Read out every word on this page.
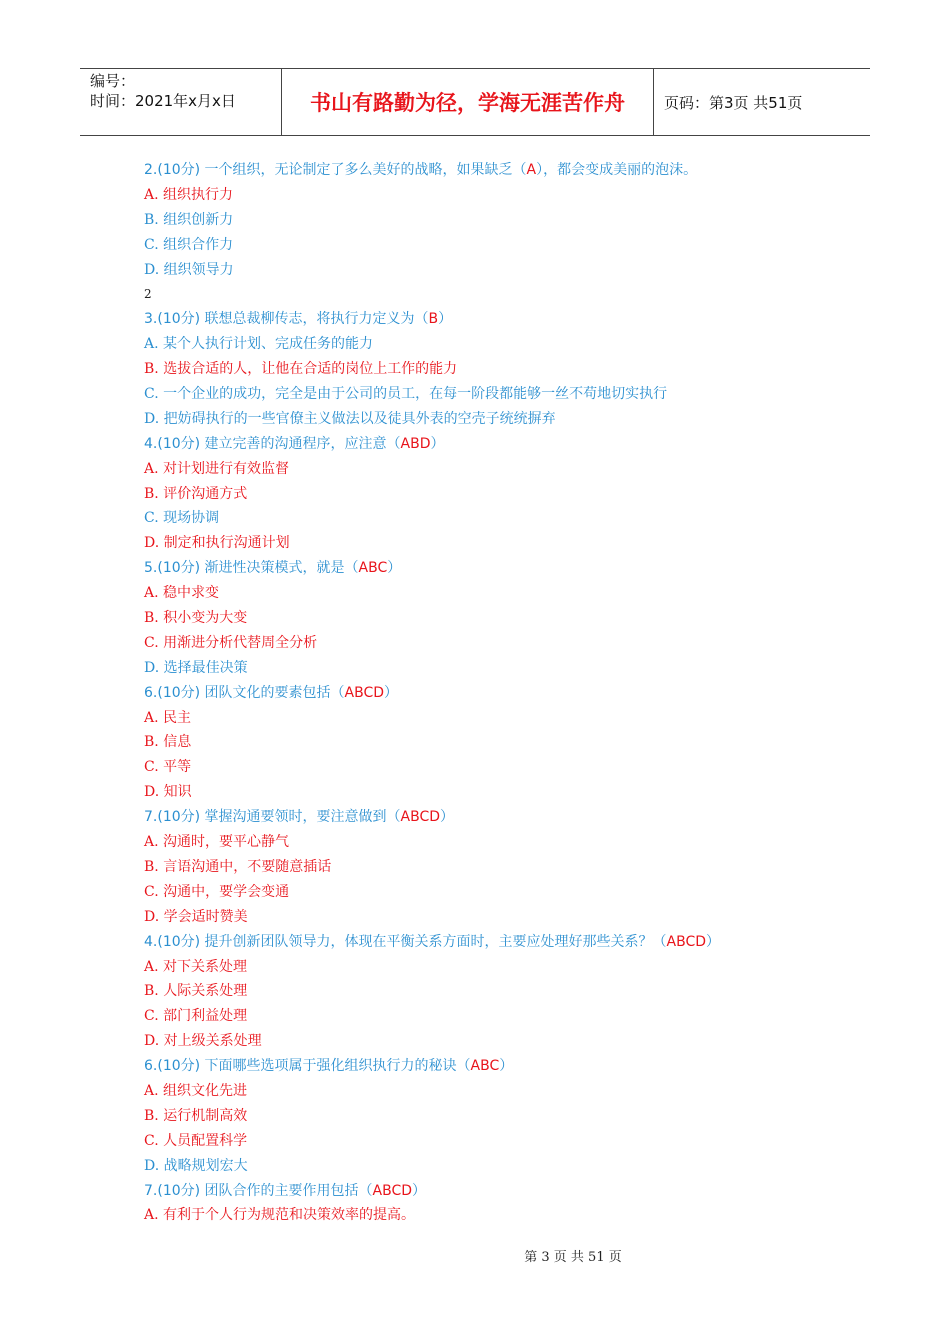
编号：
时间：2021年x月x日	书山有路勤为径，学海无涯苦作舟	页码：第3页 共51页
2.(10分) 一个组织，无论制定了多么美好的战略，如果缺乏（A），都会变成美丽的泡沫。
A. 组织执行力
B. 组织创新力
C. 组织合作力
D. 组织领导力
2
3.(10分) 联想总裁柳传志，将执行力定义为（B）
A. 某个人执行计划、完成任务的能力
B. 选拔合适的人，让他在合适的岗位上工作的能力
C. 一个企业的成功，完全是由于公司的员工，在每一阶段都能够一丝不苟地切实执行
D. 把妨碍执行的一些官僚主义做法以及徒具外表的空壳子统统摒弃
4.(10分) 建立完善的沟通程序，应注意（ABD）
A. 对计划进行有效监督
B. 评价沟通方式
C. 现场协调
D. 制定和执行沟通计划
5.(10分) 渐进性决策模式，就是（ABC）
A. 稳中求变
B. 积小变为大变
C. 用渐进分析代替周全分析
D. 选择最佳决策
6.(10分) 团队文化的要素包括（ABCD）
A. 民主
B. 信息
C. 平等
D. 知识
7.(10分) 掌握沟通要领时，要注意做到（ABCD）
A. 沟通时，要平心静气
B. 言语沟通中，不要随意插话
C. 沟通中，要学会变通
D. 学会适时赞美
4.(10分) 提升创新团队领导力，体现在平衡关系方面时，主要应处理好那些关系？（ABCD）
A. 对下关系处理
B. 人际关系处理
C. 部门利益处理
D. 对上级关系处理
6.(10分) 下面哪些选项属于强化组织执行力的秘诀（ABC）
A. 组织文化先进
B. 运行机制高效
C. 人员配置科学
D. 战略规划宏大
7.(10分) 团队合作的主要作用包括（ABCD）
A. 有利于个人行为规范和决策效率的提高。
第 3 页 共 51 页
